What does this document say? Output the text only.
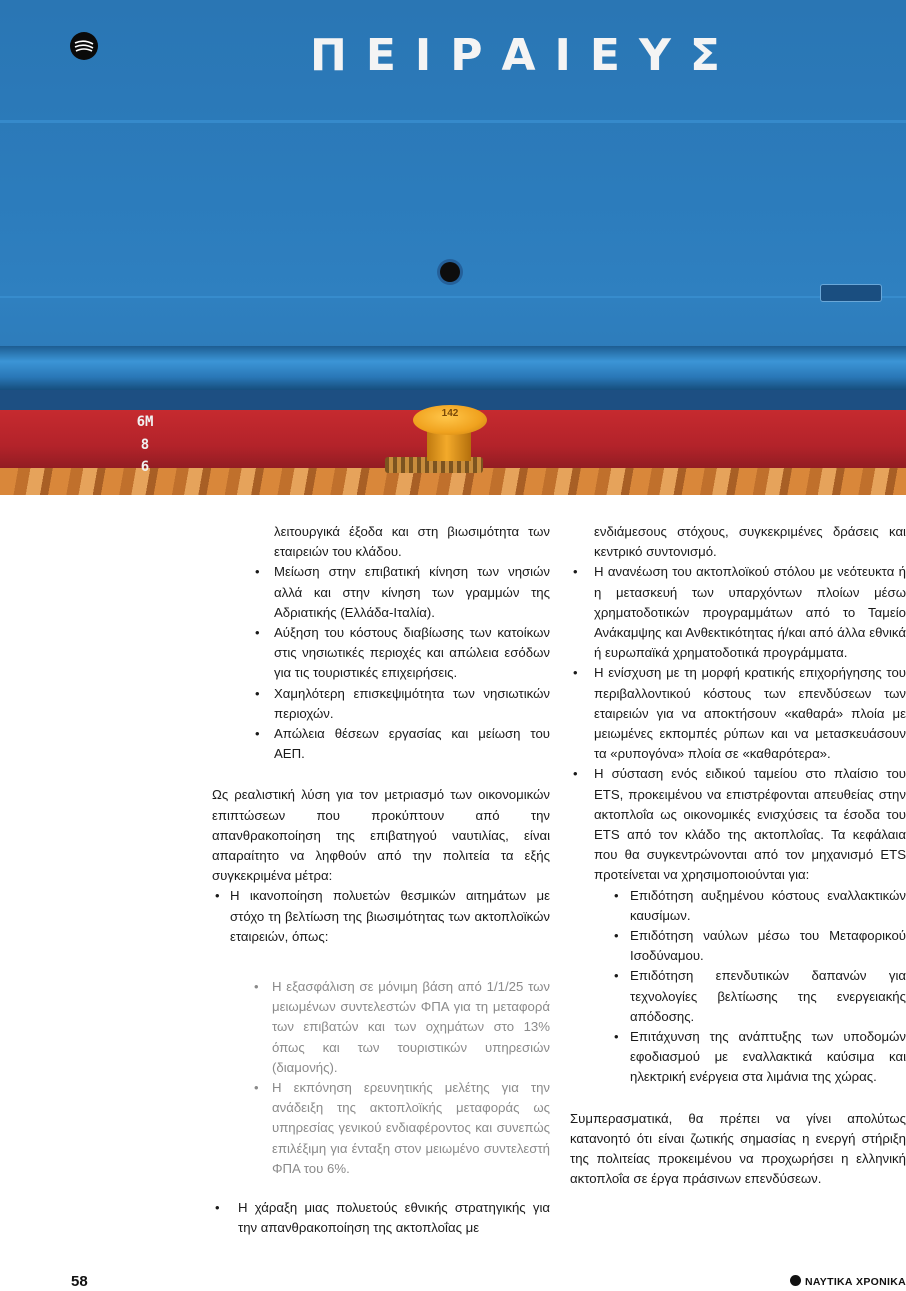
ΠΕΙΡΑΙΕΥΣ
6M
8
6
142

λειτουργικά έξοδα και στη βιωσιμότητα των εταιρειών του κλάδου.

• Μείωση στην επιβατική κίνηση των νησιών αλλά και στην κίνηση των γραμμών της Αδριατικής (Ελλάδα-Ιταλία).
• Αύξηση του κόστους διαβίωσης των κατοίκων στις νησιωτικές περιοχές και απώλεια εσόδων για τις τουριστικές επιχειρήσεις.
• Χαμηλότερη επισκεψιμότητα των νησιωτικών περιοχών.
• Απώλεια θέσεων εργασίας και μείωση του ΑΕΠ.

Ως ρεαλιστική λύση για τον μετριασμό των οικονομικών επιπτώσεων που προκύπτουν από την απανθρακοποίηση της επιβατηγού ναυτιλίας, είναι απαραίτητο να ληφθούν από την πολιτεία τα εξής συγκεκριμένα μέτρα:

• Η ικανοποίηση πολυετών θεσμικών αιτημάτων με στόχο τη βελτίωση της βιωσιμότητας των ακτοπλοϊκών εταιρειών, όπως:
• Η εξασφάλιση σε μόνιμη βάση από 1/1/25 των μειωμένων συντελεστών ΦΠΑ για τη μεταφορά των επιβατών και των οχημάτων στο 13% όπως και των τουριστικών υπηρεσιών (διαμονής).
• Η εκπόνηση ερευνητικής μελέτης για την ανάδειξη της ακτοπλοϊκής μεταφοράς ως υπηρεσίας γενικού ενδιαφέροντος και συνεπώς επιλέξιμη για ένταξη στον μειωμένο συντελεστή ΦΠΑ του 6%.
• Η χάραξη μιας πολυετούς εθνικής στρατηγικής για την απανθρακοποίηση της ακτοπλοΐας με

ενδιάμεσους στόχους, συγκεκριμένες δράσεις και κεντρικό συντονισμό.

• Η ανανέωση του ακτοπλοϊκού στόλου με νεότευκτα ή η μετασκευή των υπαρχόντων πλοίων μέσω χρηματοδοτικών προγραμμάτων από το Ταμείο Ανάκαμψης και Ανθεκτικότητας ή/και από άλλα εθνικά ή ευρωπαϊκά χρηματοδοτικά προγράμματα.
• Η ενίσχυση με τη μορφή κρατικής επιχορήγησης του περιβαλλοντικού κόστους των επενδύσεων των εταιρειών για να αποκτήσουν «καθαρά» πλοία με μειωμένες εκπομπές ρύπων και να μετασκευάσουν τα «ρυπογόνα» πλοία σε «καθαρότερα».
• Η σύσταση ενός ειδικού ταμείου στο πλαίσιο του ETS, προκειμένου να επιστρέφονται απευθείας στην ακτοπλοΐα ως οικονομικές ενισχύσεις τα έσοδα του ETS από τον κλάδο της ακτοπλοΐας. Τα κεφάλαια που θα συγκεντρώνονται από τον μηχανισμό ETS προτείνεται να χρησιμοποιούνται για:
• Επιδότηση αυξημένου κόστους εναλλακτικών καυσίμων.
• Επιδότηση ναύλων μέσω του Μεταφορικού Ισοδύναμου.
• Επιδότηση επενδυτικών δαπανών για τεχνολογίες βελτίωσης της ενεργειακής απόδοσης.
• Επιτάχυνση της ανάπτυξης των υποδομών εφοδιασμού με εναλλακτικά καύσιμα και ηλεκτρική ενέργεια στα λιμάνια της χώρας.

Συμπερασματικά, θα πρέπει να γίνει απολύτως κατανοητό ότι είναι ζωτικής σημασίας η ενεργή στήριξη της πολιτείας προκειμένου να προχωρήσει η ελληνική ακτοπλοΐα σε έργα πράσινων επενδύσεων.

58	ΝΑΥΤΙΚΑ ΧΡΟΝΙΚΑ
